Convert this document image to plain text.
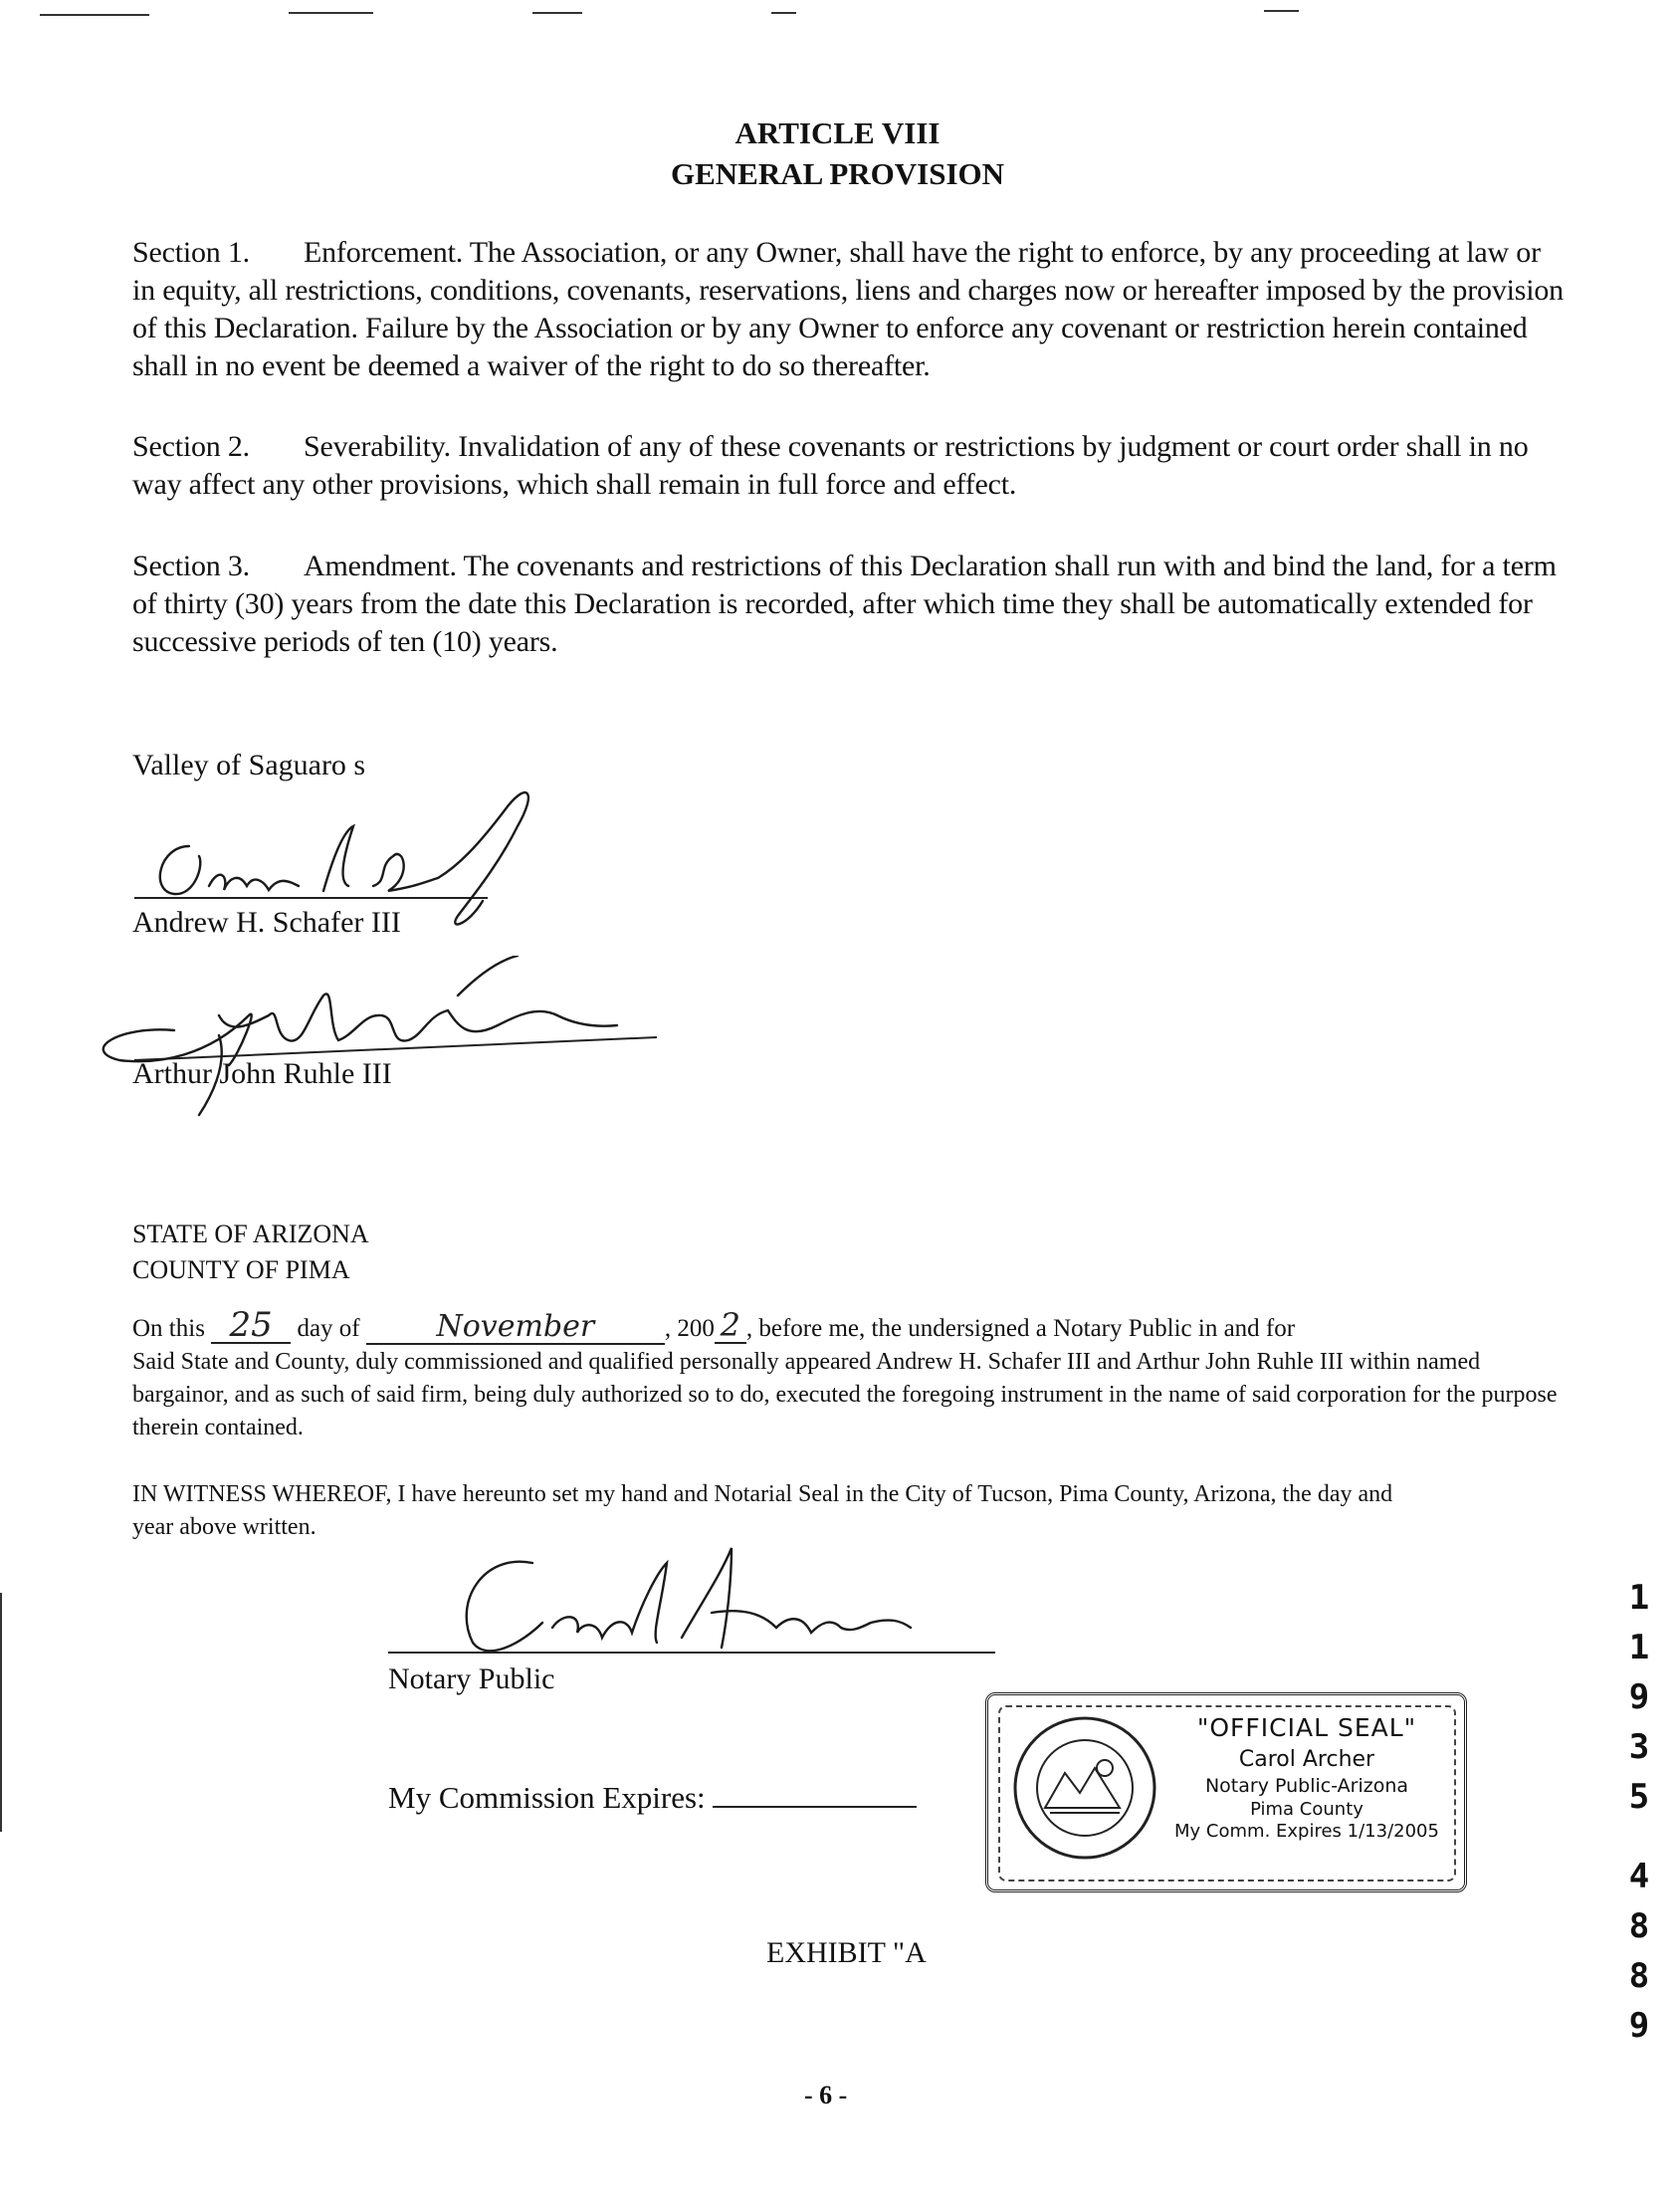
ARTICLE VIII
GENERAL PROVISION
Section 1. Enforcement. The Association, or any Owner, shall have the right to enforce, by any proceeding at law or in equity, all restrictions, conditions, covenants, reservations, liens and charges now or hereafter imposed by the provision of this Declaration. Failure by the Association or by any Owner to enforce any covenant or restriction herein contained shall in no event be deemed a waiver of the right to do so thereafter.
Section 2. Severability. Invalidation of any of these covenants or restrictions by judgment or court order shall in no way affect any other provisions, which shall remain in full force and effect.
Section 3. Amendment. The covenants and restrictions of this Declaration shall run with and bind the land, for a term of thirty (30) years from the date this Declaration is recorded, after which time they shall be automatically extended for successive periods of ten (10) years.
Valley of Saguaro s
Andrew H. Schafer III
Arthur John Ruhle III
STATE OF ARIZONA
COUNTY OF PIMA
On this 25 day of	November	, 200 2 , before me, the undersigned a Notary Public in and for
Said State and County, duly commissioned and qualified personally appeared Andrew H. Schafer III and Arthur John Ruhle III within named bargainor, and as such of said firm, being duly authorized so to do, executed the foregoing instrument in the name of said corporation for the purpose therein contained.
IN WITNESS WHEREOF, I have hereunto set my hand and Notarial Seal in the City of Tucson, Pima County, Arizona, the day and year above written.
Notary Public
My Commission Expires:
"OFFICIAL SEAL"
Carol Archer
Notary Public-Arizona
Pima County
My Comm. Expires 1/13/2005
EXHIBIT "A
- 6 -
1
1
9
3
5
4
8
8
9
